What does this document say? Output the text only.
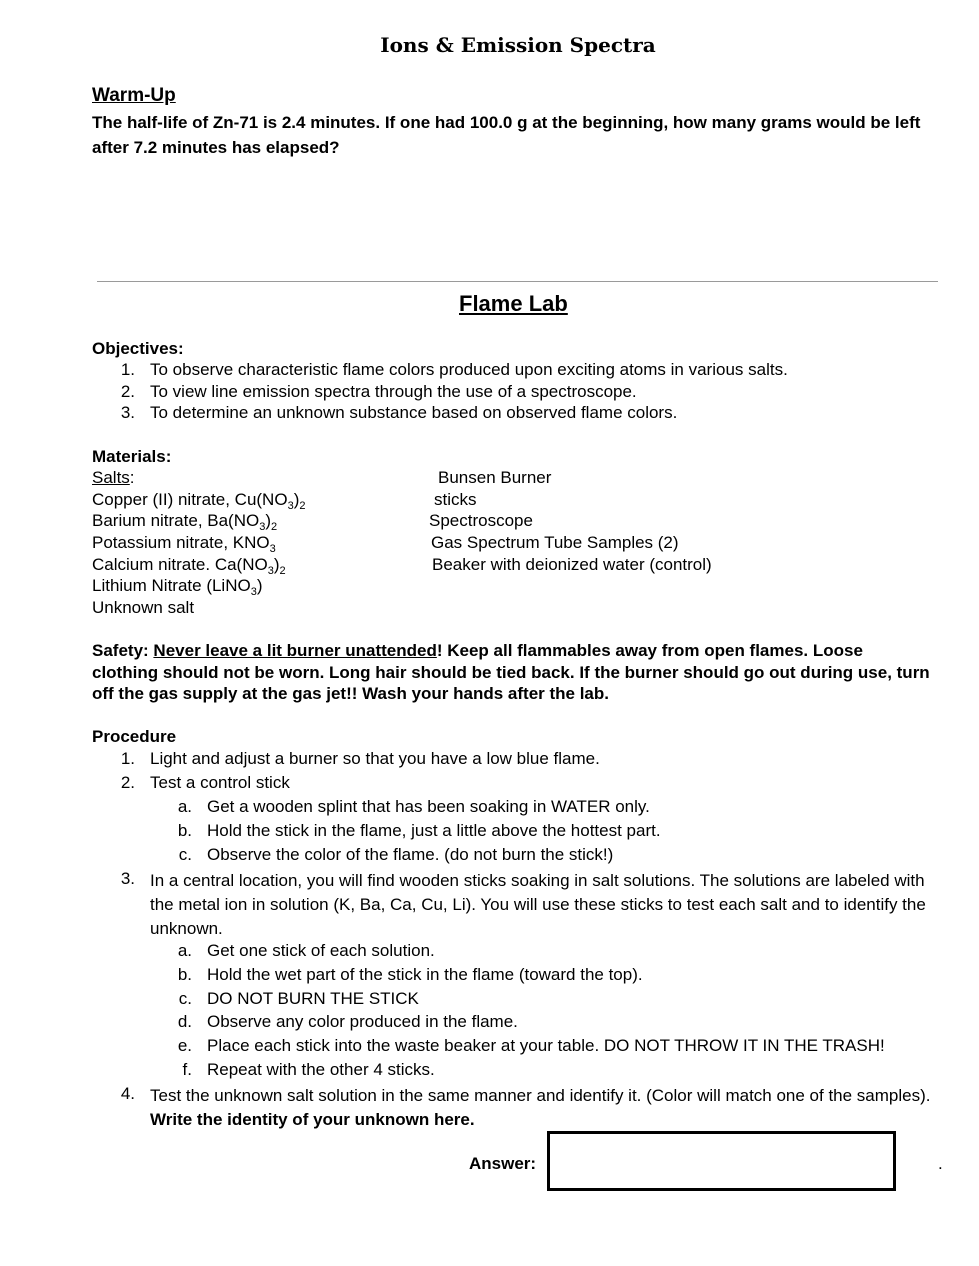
Ions & Emission Spectra
Warm-Up
The half-life of Zn-71 is 2.4 minutes. If one had 100.0 g at the beginning, how many grams would be left after 7.2 minutes has elapsed?
Flame Lab
Objectives:
1. To observe characteristic flame colors produced upon exciting atoms in various salts.
2. To view line emission spectra through the use of a spectroscope.
3. To determine an unknown substance based on observed flame colors.
Materials:
Salts:
Copper (II) nitrate, $Cu(NO_3)_2$
Barium nitrate, $Ba(NO_3)_2$
Potassium nitrate, $KNO_3$
Calcium nitrate. $Ca(NO_3)_2$
Lithium Nitrate (LiNO$_3$)
Unknown salt
Bunsen Burner
sticks
Spectroscope
Gas Spectrum Tube Samples (2)
Beaker with deionized water (control)
Safety: Never leave a lit burner unattended! Keep all flammables away from open flames. Loose clothing should not be worn. Long hair should be tied back. If the burner should go out during use, turn off the gas supply at the gas jet!! Wash your hands after the lab.
Procedure
1. Light and adjust a burner so that you have a low blue flame.
2. Test a control stick
a. Get a wooden splint that has been soaking in WATER only.
b. Hold the stick in the flame, just a little above the hottest part.
c. Observe the color of the flame. (do not burn the stick!)
3. In a central location, you will find wooden sticks soaking in salt solutions. The solutions are labeled with the metal ion in solution (K, Ba, Ca, Cu, Li). You will use these sticks to test each salt and to identify the unknown.
a. Get one stick of each solution.
b. Hold the wet part of the stick in the flame (toward the top).
c. DO NOT BURN THE STICK
d. Observe any color produced in the flame.
e. Place each stick into the waste beaker at your table. DO NOT THROW IT IN THE TRASH!
f. Repeat with the other 4 sticks.
4. Test the unknown salt solution in the same manner and identify it. (Color will match one of the samples). Write the identity of your unknown here.
Answer:	.
